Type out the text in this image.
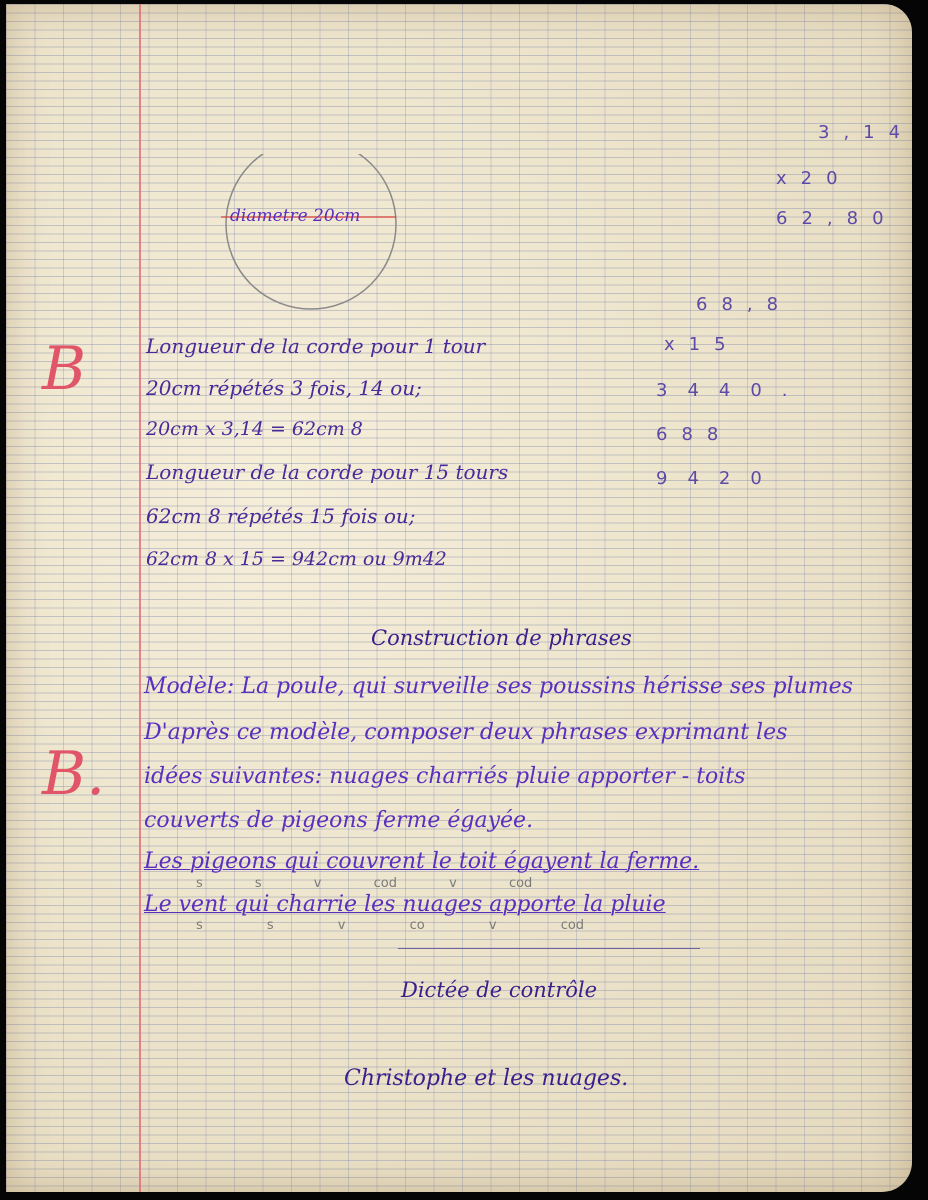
diametre 20cm
3,14
x20
62,80
68,8
x15
3440.
688
9420
B	Longueur de la corde pour 1 tour
20cm répétés 3 fois, 14 ou;
20cm x 3,14 = 62cm 8
Longueur de la corde pour 15 tours
62cm 8 répétés 15 fois ou;
62cm 8 x 15 = 942cm ou 9m42
Construction de phrases
B.
Modèle: La poule, qui surveille ses poussins hérisse ses plumes
D'après ce modèle, composer deux phrases exprimant les
idées suivantes: nuages charriés pluie apporter - toits
couverts de pigeons ferme égayée.
Les pigeons qui couvrent le toit égayent la ferme.
s s v cod v cod
Le vent qui charrie les nuages apporte la pluie
s s v co v cod
Dictée de contrôle
Christophe et les nuages.
